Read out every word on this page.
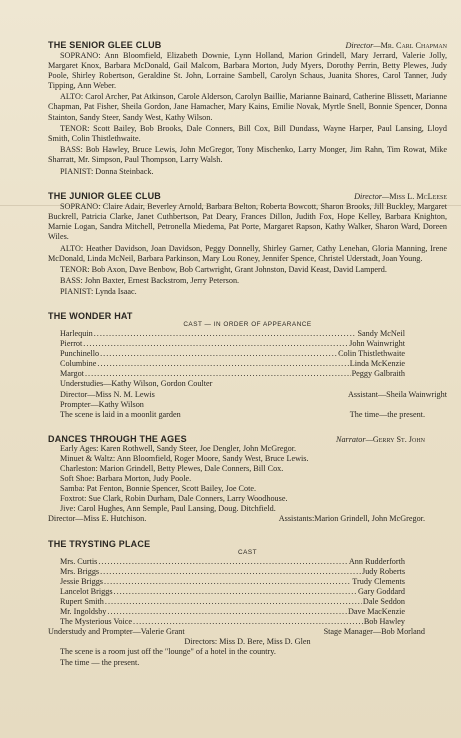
THE SENIOR GLEE CLUB	Director—Mr. Carl Chapman

SOPRANO: Ann Bloomfield, Elizabeth Downie, Lynn Holland, Marion Grindell, Mary Jerrard, Valerie Jolly, Margaret Knox, Barbara McDonald, Gail Malcom, Barbara Morton, Judy Myers, Dorothy Perrin, Betty Plewes, Judy Poole, Shirley Robertson, Geraldine St. John, Lorraine Sambell, Carolyn Schaus, Juanita Shores, Carol Tanner, Judy Tipping, Ann Weber.

ALTO: Carol Archer, Pat Atkinson, Carole Alderson, Carolyn Baillie, Marianne Bainard, Catherine Blissett, Marianne Chapman, Pat Fisher, Sheila Gordon, Jane Hamacher, Mary Kains, Emilie Novak, Myrtle Snell, Bonnie Spencer, Donna Stainton, Sandy Steer, Sandy West, Kathy Wilson.

TENOR: Scott Bailey, Bob Brooks, Dale Conners, Bill Cox, Bill Dundass, Wayne Harper, Paul Lansing, Lloyd Smith, Colin Thistlethwaite.

BASS: Bob Hawley, Bruce Lewis, John McGregor, Tony Mischenko, Larry Monger, Jim Rahn, Tim Rowat, Mike Sharratt, Mr. Simpson, Paul Thompson, Larry Walsh.

PIANIST: Donna Steinback.

THE JUNIOR GLEE CLUB	Director—Miss L. McLeese

SOPRANO: Claire Adair, Beverley Arnold, Barbara Belton, Roberta Bowcott, Sharon Brooks, Jill Buckley, Margaret Buckrell, Patricia Clarke, Janet Cuthbertson, Pat Deary, Frances Dillon, Judith Fox, Hope Kelley, Barbara Knighton, Marnie Logan, Sandra Mitchell, Petronella Miedema, Pat Porte, Margaret Rapson, Kathy Walker, Sharon Ward, Doreen Wiles.

ALTO: Heather Davidson, Joan Davidson, Peggy Donnelly, Shirley Garner, Cathy Lenehan, Gloria Manning, Irene McDonald, Linda McNeil, Barbara Parkinson, Mary Lou Roney, Jennifer Spence, Christel Uderstadt, Joan Young.

TENOR: Bob Axon, Dave Benbow, Bob Cartwright, Grant Johnston, David Keast, David Lamperd.

BASS: John Baxter, Ernest Backstrom, Jerry Peterson.

PIANIST: Lynda Isaac.

THE WONDER HAT
CAST — IN ORDER OF APPEARANCE
Harlequin .....	Sandy McNeil
Pierrot .....	John Wainwright
Punchinello .....	Colin Thistlethwaite
Columbine .....	Linda McKenzie
Margot .....	Peggy Galbraith
Understudies—Kathy Wilson, Gordon Coulter
Director—Miss N. M. Lewis	Assistant—Sheila Wainwright
Prompter—Kathy Wilson
The scene is laid in a moonlit garden	The time—the present.
DANCES THROUGH THE AGES	Narrator—Gerry St. John
Early Ages: Karen Rothwell, Sandy Steer, Joe Dengler, John McGregor.
Minuet & Waltz: Ann Bloomfield, Roger Moore, Sandy West, Bruce Lewis.
Charleston: Marion Grindell, Betty Plewes, Dale Conners, Bill Cox.
Soft Shoe: Barbara Morton, Judy Poole.
Samba: Pat Fenton, Bonnie Spencer, Scott Bailey, Joe Cote.
Foxtrot: Sue Clark, Robin Durham, Dale Conners, Larry Woodhouse.
Jive: Carol Hughes, Ann Semple, Paul Lansing, Doug. Ditchfield.
Director—Miss E. Hutchison.	Assistants:Marion Grindell, John McGregor.
THE TRYSTING PLACE
CAST
Mrs. Curtis .....	Ann Rudderforth
Mrs. Briggs .....	Judy Roberts
Jessie Briggs .....	Trudy Clements
Lancelot Briggs .....	Gary Goddard
Rupert Smith .....	Dale Seddon
Mr. Ingoldsby .....	Dave MacKenzie
The Mysterious Voice .....	Bob Hawley
Understudy and Prompter—Valerie Grant	Stage Manager—Bob Morland
Directors: Miss D. Bere, Miss D. Glen
The scene is a room just off the "lounge" of a hotel in the country.
The time — the present.
